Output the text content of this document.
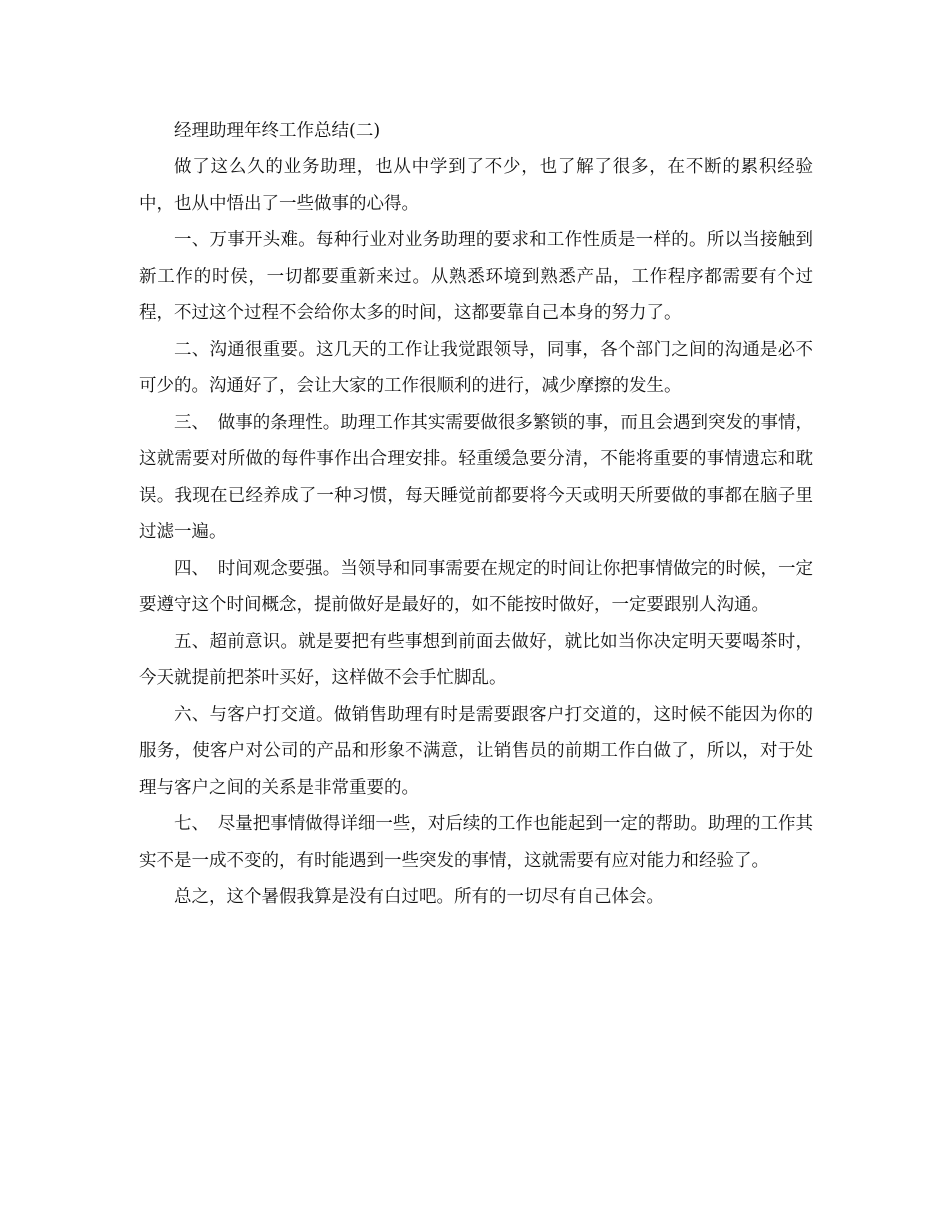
经理助理年终工作总结(二)

做了这么久的业务助理，也从中学到了不少，也了解了很多，在不断的累积经验中，也从中悟出了一些做事的心得。

一、万事开头难。每种行业对业务助理的要求和工作性质是一样的。所以当接触到新工作的时侯，一切都要重新来过。从熟悉环境到熟悉产品，工作程序都需要有个过程，不过这个过程不会给你太多的时间，这都要靠自己本身的努力了。

二、沟通很重要。这几天的工作让我觉跟领导，同事，各个部门之间的沟通是必不可少的。沟通好了，会让大家的工作很顺利的进行，减少摩擦的发生。

三、　做事的条理性。助理工作其实需要做很多繁锁的事，而且会遇到突发的事情，这就需要对所做的每件事作出合理安排。轻重缓急要分清，不能将重要的事情遗忘和耽误。我现在已经养成了一种习惯，每天睡觉前都要将今天或明天所要做的事都在脑子里过滤一遍。

四、　时间观念要强。当领导和同事需要在规定的时间让你把事情做完的时候，一定要遵守这个时间概念，提前做好是最好的，如不能按时做好，一定要跟别人沟通。

五、超前意识。就是要把有些事想到前面去做好，就比如当你决定明天要喝茶时，今天就提前把茶叶买好，这样做不会手忙脚乱。

六、与客户打交道。做销售助理有时是需要跟客户打交道的，这时候不能因为你的服务，使客户对公司的产品和形象不满意，让销售员的前期工作白做了，所以，对于处理与客户之间的关系是非常重要的。

七、　尽量把事情做得详细一些，对后续的工作也能起到一定的帮助。助理的工作其实不是一成不变的，有时能遇到一些突发的事情，这就需要有应对能力和经验了。

总之，这个暑假我算是没有白过吧。所有的一切尽有自己体会。
